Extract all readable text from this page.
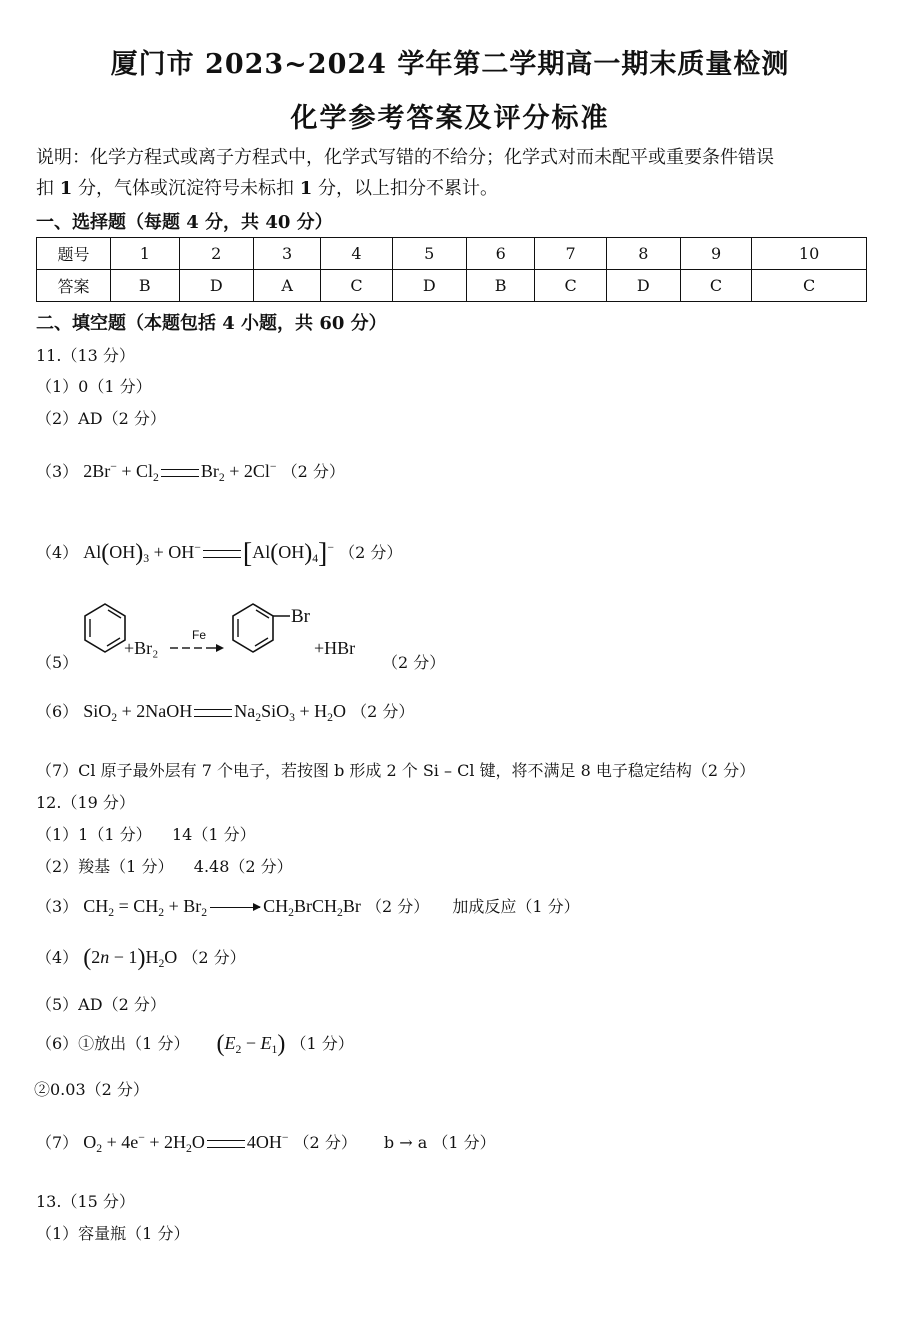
厦门市 2023~2024 学年第二学期高一期末质量检测
化学参考答案及评分标准
说明：化学方程式或离子方程式中，化学式写错的不给分；化学式对而未配平或重要条件错误
扣 1 分，气体或沉淀符号未标扣 1 分，以上扣分不累计。
一、选择题（每题 4 分，共 40 分）
题号	1	2	3	4	5	6	7	8	9	10
答案	B	D	A	C	D	B	C	D	C	C
二、填空题（本题包括 4 小题，共 60 分）
11.（13 分）
（1）0（1 分）
（2）AD（2 分）
（3） $2Br^- + Cl_2$ $Br_2 + 2Cl^-$ （2 分）
（4） $Al(OH)_3 + OH^-$ $[Al(OH)_4]^-$ （2 分）
（5）
+Br₂
Fe
Br
+HBr
（2 分）
（6） SiO$_2$ + 2NaOH $Na_2SiO_3 + H_2O$ （2 分）
（7）Cl 原子最外层有 7 个电子，若按图 b 形成 2 个 Si – Cl 键，将不满足 8 电子稳定结构（2 分）
12.（19 分）
（1）1（1 分）    14（1 分）
（2）羧基（1 分）    4.48（2 分）
（3） $CH_2 = CH_2 + Br_2$	$CH_2BrCH_2Br$ （2 分） 加成反应（1 分）
（4） $(2n - 1)H_2O$ （2 分）
（5）AD（2 分）
（6）①放出（1 分） $(E_2 - E_1)$ （1 分）
②0.03（2 分）
（7） $O_2 + 4e^- + 2H_2O$ 4OH− （2 分） b → a （1 分）
13.（15 分）
（1）容量瓶（1 分）
